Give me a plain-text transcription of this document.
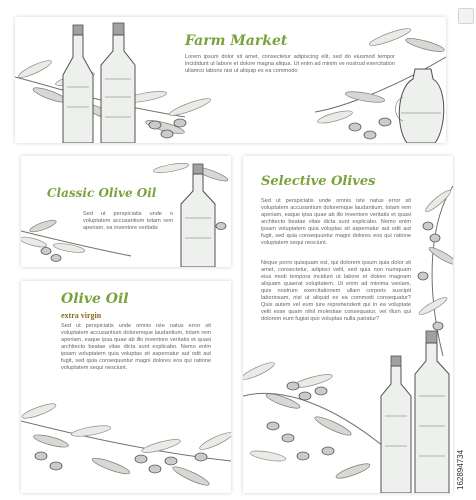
Farm Market
Lorem ipsum dolor sit amet, consectetur adipiscing elit, sed do eiusmod tempor incididunt ut labore et dolore magna aliqua. Ut enim ad minim ve nostrud exercitation ullamco laboris nisi ut aliquip ex ea commodo
Classic Olive Oil
Sed ut perspiciatis unde o voluptatem accusantium totam rem aperiam, ea inventore veritatis
Olive Oil
extra virgin
Sed ut perspiciatis unde omnis iste natus error sit voluptatem accusantium doloremque laudantium, totam rem aperiam, eaque ipsa quae ab illo inventore veritatis et quasi architecto beatae vitae dicta sunt explicabo. Nemo enim ipsam voluptatem quia voluptas sit aspernatur aut odit aut fugit, sed quia consequuntur magni dolores eos qui ratione voluptatem sequi nesciunt.
Selective Olives
Sed ut perspiciatis unde omnis iste natus error sit voluptatem accusantium doloremque laudantium, totam rem aperiam, eaque ipsa quae ab illo inventore veritatis et quasi architecto beatae vitae dicta sunt explicabo. Nemo enim ipsam voluptatem quia voluptas sit aspernatur aut odit aut fugit, sed quia consequuntur magni dolores eos qui ratione voluptatem sequi nesciunt.
Neque porro quisquam est, qui dolorem ipsum quia dolor sit amet, consectetur, adipisci velit, sed quia non numquam eius modi tempora incidunt ut labore et dolore magnam aliquam quaerat voluptatem. Ut enim ad minima veniam, quis nostrum exercitationem ullam corporis suscipit laboriosam, nisi ut aliquid ex ea commodi consequatur? Quis autem vel eum iure reprehenderit qui in ea voluptate velit esse quam nihil molestiae consequatur, vel illum qui dolorem eum fugiat quo voluptas nulla pariatur?
162894734
